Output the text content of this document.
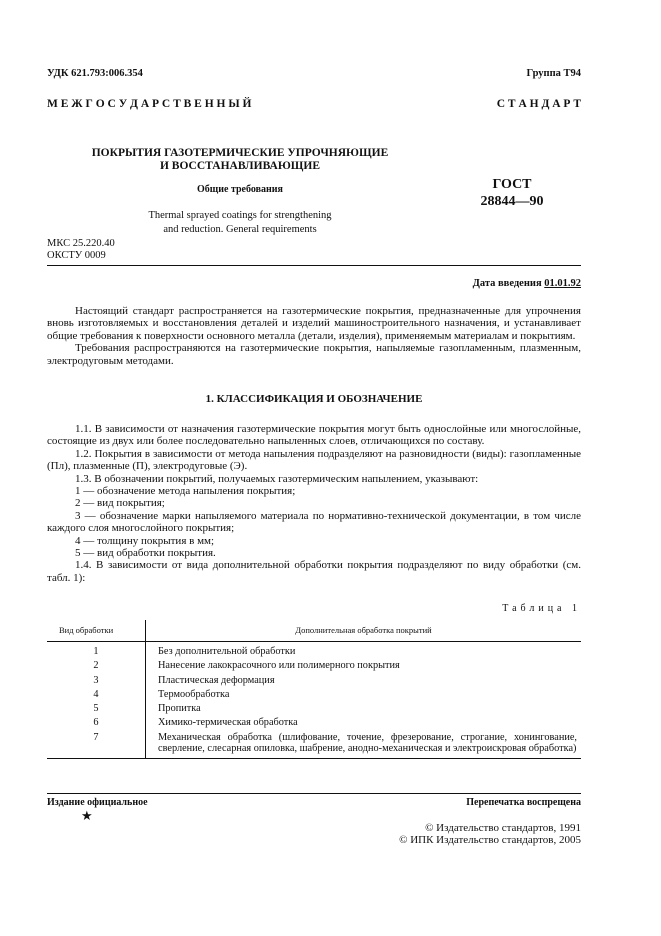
УДК 621.793:006.354	Группа Т94
М Е Ж Г О С У Д А Р С Т В Е Н Н Ы Й	С Т А Н Д А Р Т
ПОКРЫТИЯ ГАЗОТЕРМИЧЕСКИЕ УПРОЧНЯЮЩИЕ
И ВОССТАНАВЛИВАЮЩИЕ
Общие требования
Thermal sprayed coatings for strengthening
and reduction. General requirements
ГОСТ
28844—90
МКС 25.220.40
ОКСТУ 0009
Дата введения 01.01.92

Настоящий стандарт распространяется на газотермические покрытия, предназначенные для упрочнения вновь изготовляемых и восстановления деталей и изделий машиностроительного назначения, и устанавливает общие требования к поверхности основного металла (детали, изделия), применяемым материалам и покрытиям.

Требования распространяются на газотермические покрытия, напыляемые газопламенным, плазменным, электродуговым методами.

1. КЛАССИФИКАЦИЯ И ОБОЗНАЧЕНИЕ

1.1. В зависимости от назначения газотермические покрытия могут быть однослойные или многослойные, состоящие из двух или более последовательно напыленных слоев, отличающихся по составу.

1.2. Покрытия в зависимости от метода напыления подразделяют на разновидности (виды): газопламенные (Пл), плазменные (П), электродуговые (Э).

1.3. В обозначении покрытий, получаемых газотермическим напылением, указывают:

1 — обозначение метода напыления покрытия;

2 — вид покрытия;

3 — обозначение марки напыляемого материала по нормативно-технической документации, в том числе каждого слоя многослойного покрытия;

4 — толщину покрытия в мм;

5 — вид обработки покрытия.

1.4. В зависимости от вида дополнительной обработки покрытия подразделяют по виду обработки (см. табл. 1):

Таблица 1
Вид обработки	Дополнительная обработка покрытий
1	Без дополнительной обработки
2	Нанесение лакокрасочного или полимерного покрытия
3	Пластическая деформация
4	Термообработка
5	Пропитка
6	Химико-термическая обработка
7	Механическая обработка (шлифование, точение, фрезерование, строгание, хонингование, сверление, слесарная опиловка, шабрение, анодно-механическая и электроискровая обработка)
Издание официальное
★
Перепечатка воспрещена
© Издательство стандартов, 1991
© ИПК Издательство стандартов, 2005
